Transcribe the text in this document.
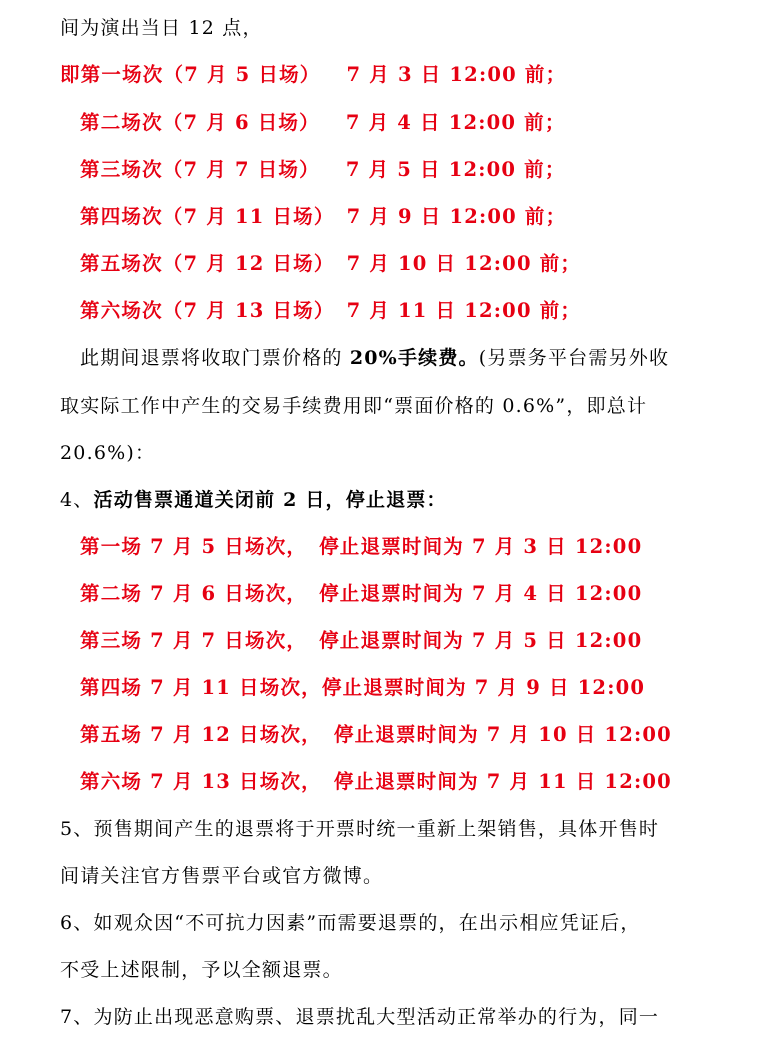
间为演出当日 12 点，
即第一场次（7 月 5 日场） 7 月 3 日 12:00 前；
第二场次（7 月 6 日场） 7 月 4 日 12:00 前；
第三场次（7 月 7 日场） 7 月 5 日 12:00 前；
第四场次（7 月 11 日场） 7 月 9 日 12:00 前；
第五场次（7 月 12 日场） 7 月 10 日 12:00 前；
第六场次（7 月 13 日场） 7 月 11 日 12:00 前；
此期间退票将收取门票价格的 20%手续费。(另票务平台需另外收
取实际工作中产生的交易手续费用即“票面价格的 0.6%”，即总计
20.6%)：
4、活动售票通道关闭前 2 日，停止退票：
第一场 7 月 5 日场次， 停止退票时间为 7 月 3 日 12:00
第二场 7 月 6 日场次， 停止退票时间为 7 月 4 日 12:00
第三场 7 月 7 日场次， 停止退票时间为 7 月 5 日 12:00
第四场 7 月 11 日场次，停止退票时间为 7 月 9 日 12:00
第五场 7 月 12 日场次， 停止退票时间为 7 月 10 日 12:00
第六场 7 月 13 日场次， 停止退票时间为 7 月 11 日 12:00
5、预售期间产生的退票将于开票时统一重新上架销售，具体开售时
间请关注官方售票平台或官方微博。
6、如观众因“不可抗力因素”而需要退票的，在出示相应凭证后，
不受上述限制，予以全额退票。
7、为防止出现恶意购票、退票扰乱大型活动正常举办的行为，同一
